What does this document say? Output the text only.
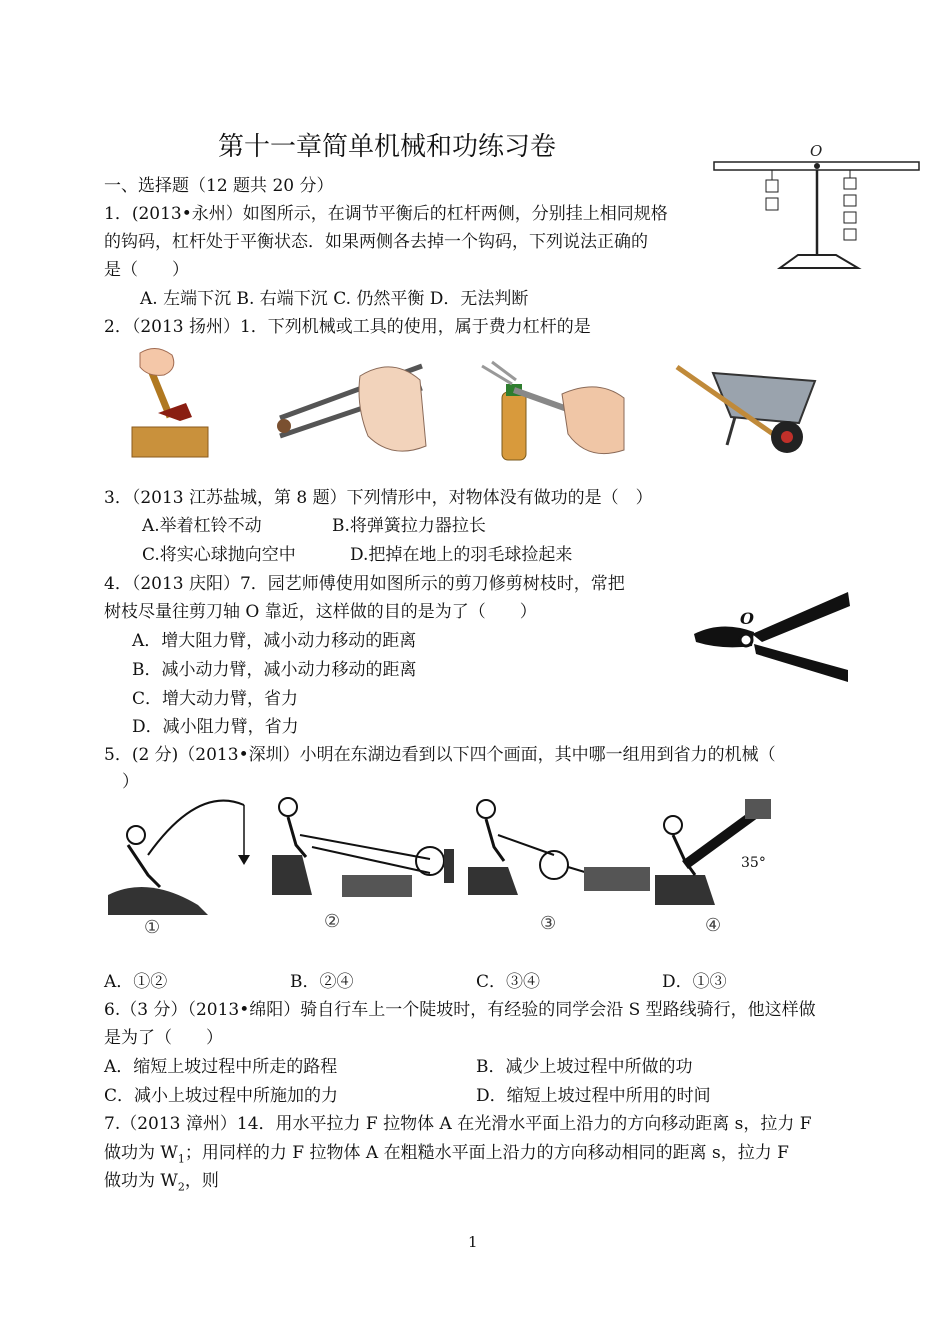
第十一章简单机械和功练习卷
一、选择题（12 题共 20 分）
1．(2013•永州）如图所示，在调节平衡后的杠杆两侧，分别挂上相同规格
的钩码，杠杆处于平衡状态．如果两侧各去掉一个钩码，下列说法正确的
是（　　）
A. 左端下沉 B. 右端下沉 C. 仍然平衡 D．无法判断
O
2．（2013 扬州）1．下列机械或工具的使用，属于费力杠杆的是
3．（2013 江苏盐城，第 8 题）下列情形中，对物体没有做功的是（　）
A.举着杠铃不动	B.将弹簧拉力器拉长
C.将实心球抛向空中	D.把掉在地上的羽毛球捡起来
4．（2013 庆阳）7．园艺师傅使用如图所示的剪刀修剪树枝时，常把
树枝尽量往剪刀轴 O 靠近，这样做的目的是为了（　　）
A．增大阻力臂，减小动力移动的距离
B．减小动力臂，减小动力移动的距离
C．增大动力臂，省力
D．减小阻力臂，省力
O
5．(2 分)（2013•深圳）小明在东湖边看到以下四个画面，其中哪一组用到省力的机械（
）
①	②	③
35°
④
A．①②	B．②④	C．③④	D．①③
6.（3 分）（2013•绵阳）骑自行车上一个陡坡时，有经验的同学会沿 S 型路线骑行，他这样做
是为了（　　）
A．缩短上坡过程中所走的路程	B．减少上坡过程中所做的功
C．减小上坡过程中所施加的力	D．缩短上坡过程中所用的时间
7.（2013 漳州）14．用水平拉力 F 拉物体 A 在光滑水平面上沿力的方向移动距离 s，拉力 F
做功为 $W_1$；用同样的力 F 拉物体 A 在粗糙水平面上沿力的方向移动相同的距离 s，拉力 F
做功为 $W_2$，则
1
